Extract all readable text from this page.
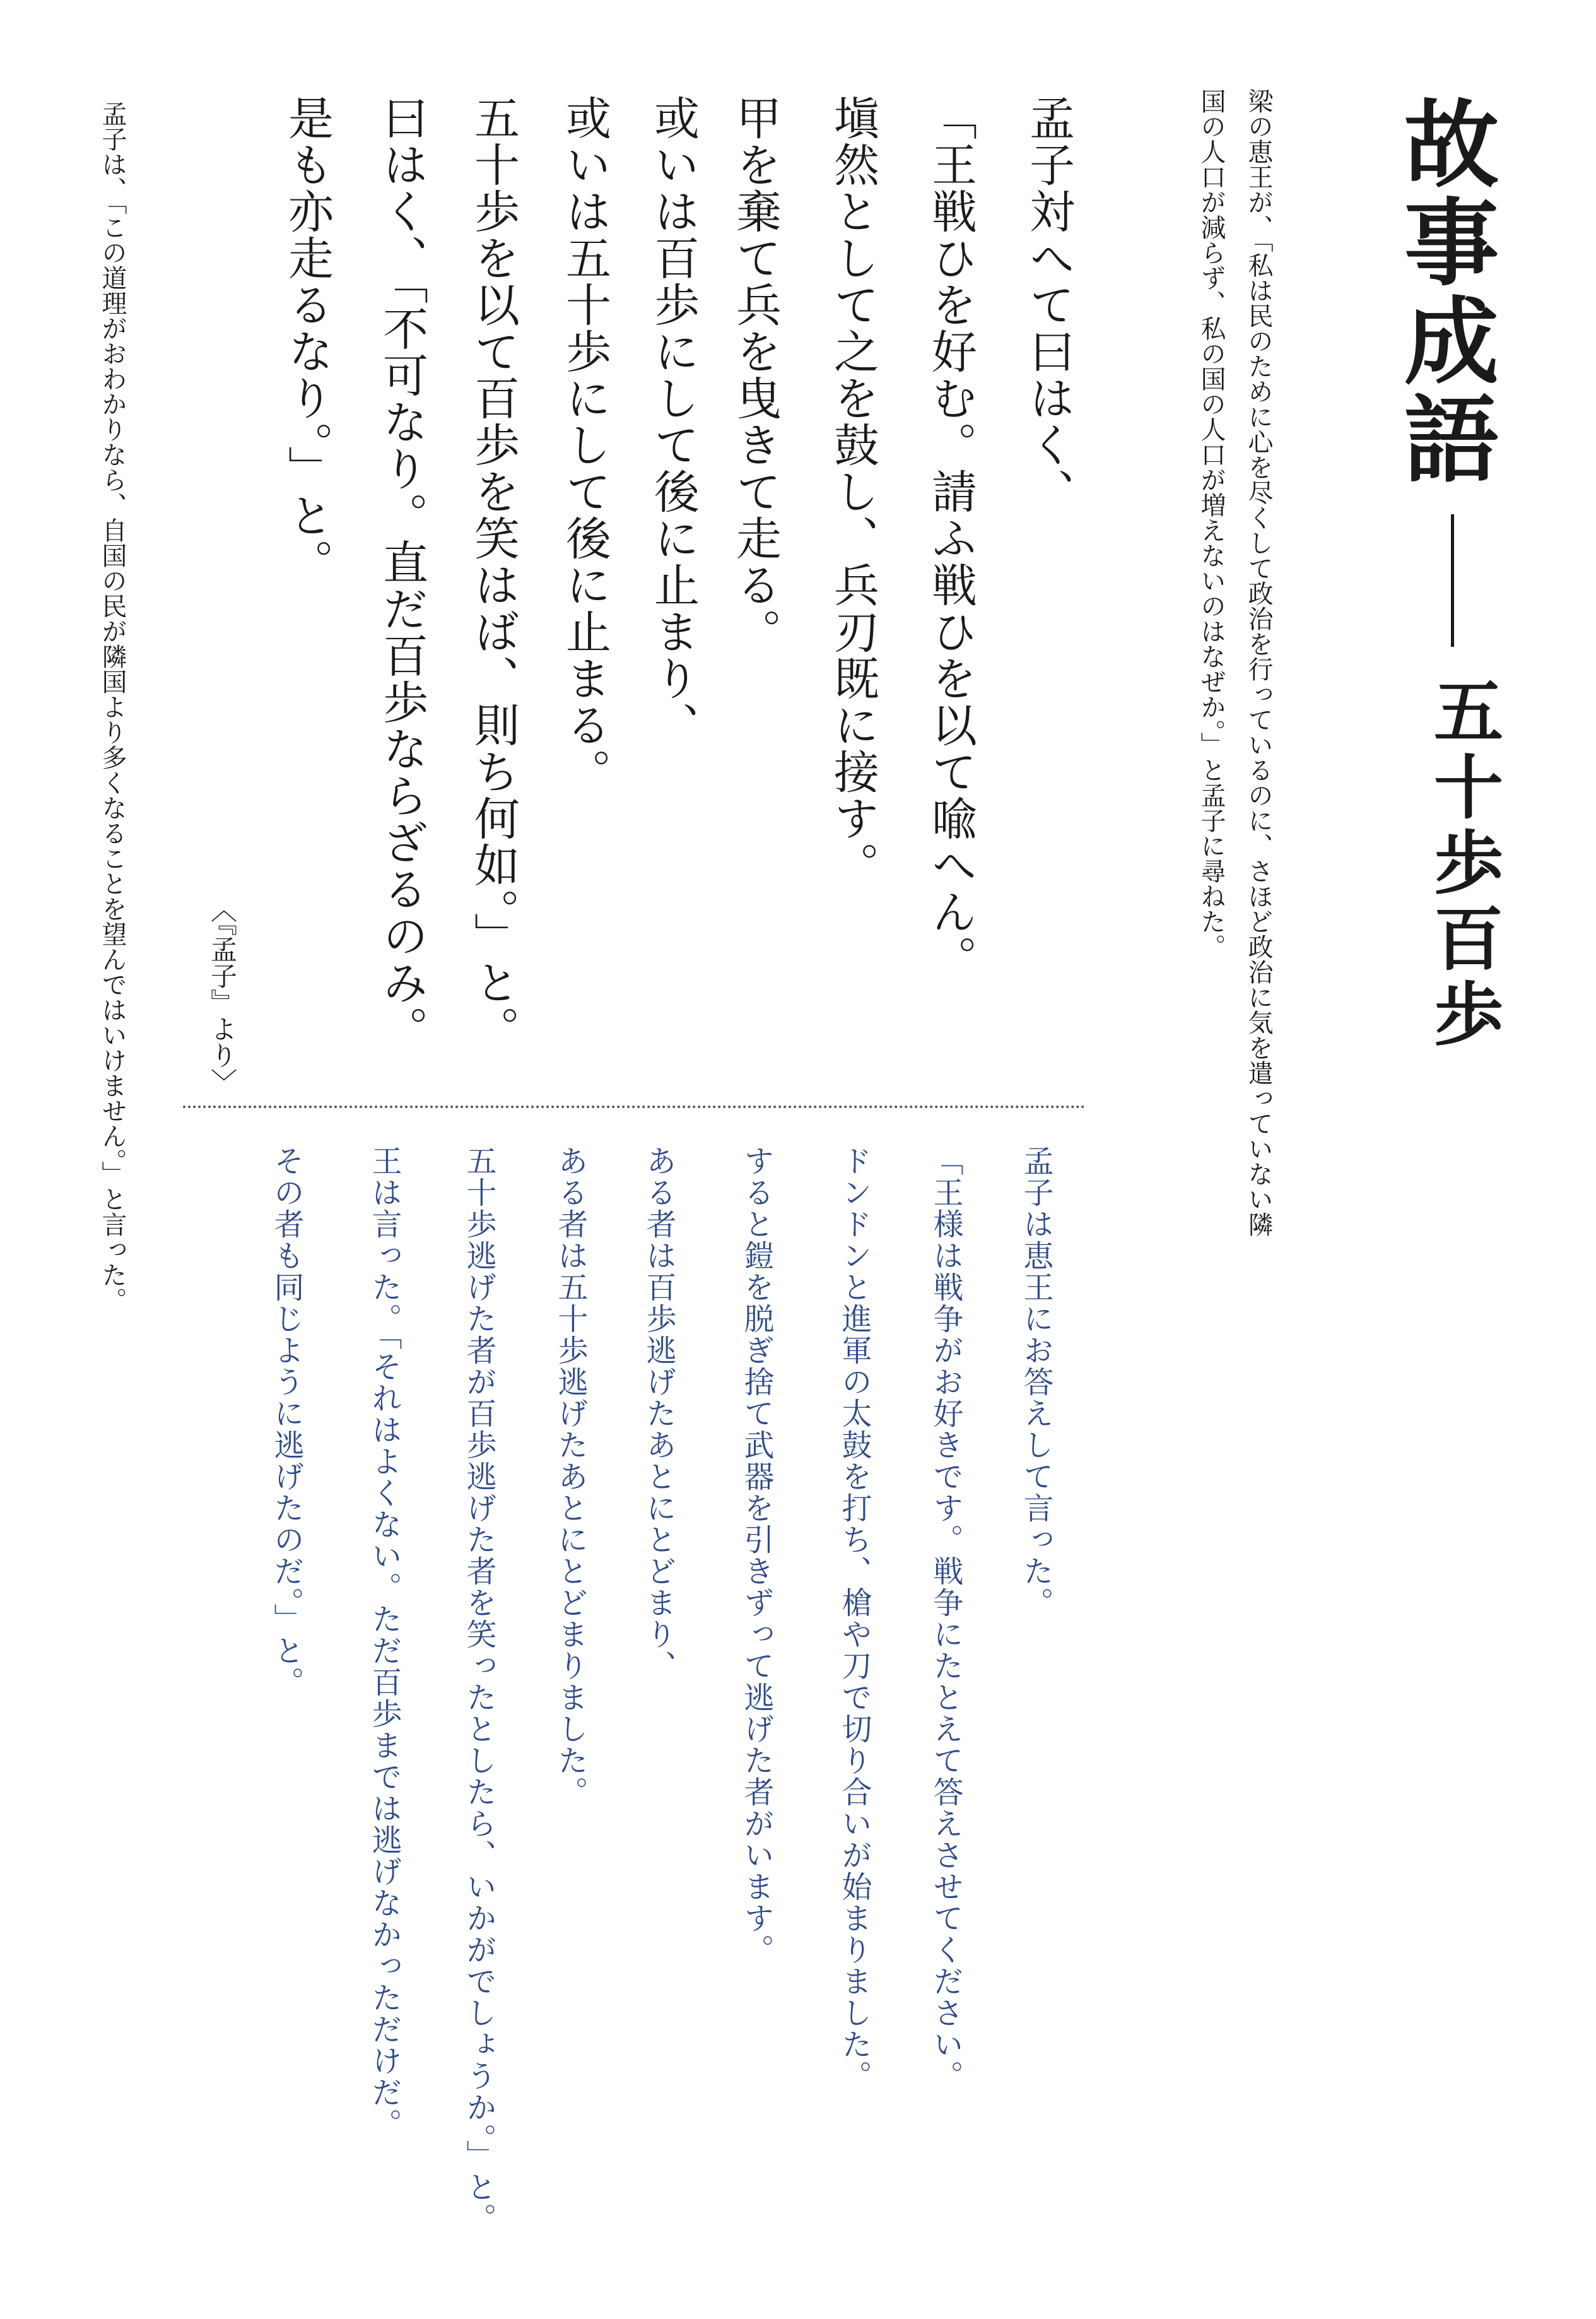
故事成語
五十歩百歩

梁の恵王が、「私は民のために心を尽くして政治を行っているのに、さほど政治に気を遣っていない隣

国の人口が減らず、私の国の人口が増えないのはなぜか。」と孟子に尋ねた。

孟子対へて曰はく、

「王戦ひを好む。請ふ戦ひを以て喩へん。

塡然として之を鼓し、兵刃既に接す。

甲を棄て兵を曳きて走る。

或いは百歩にして後に止まり、

或いは五十歩にして後に止まる。

五十歩を以て百歩を笑はば、則ち何如。」と。

曰はく、「不可なり。直だ百歩ならざるのみ。

是も亦走るなり。」と。

〈『孟子』より〉

孟子は恵王にお答えして言った。

「王様は戦争がお好きです。戦争にたとえて答えさせてください。

ドンドンと進軍の太鼓を打ち、槍や刀で切り合いが始まりました。

すると鎧を脱ぎ捨て武器を引きずって逃げた者がいます。

ある者は百歩逃げたあとにとどまり、

ある者は五十歩逃げたあとにとどまりました。

五十歩逃げた者が百歩逃げた者を笑ったとしたら、いかがでしょうか。」と。

王は言った。「それはよくない。ただ百歩までは逃げなかっただけだ。

その者も同じように逃げたのだ。」と。

孟子は、「この道理がおわかりなら、自国の民が隣国より多くなることを望んではいけません。」と言った。
